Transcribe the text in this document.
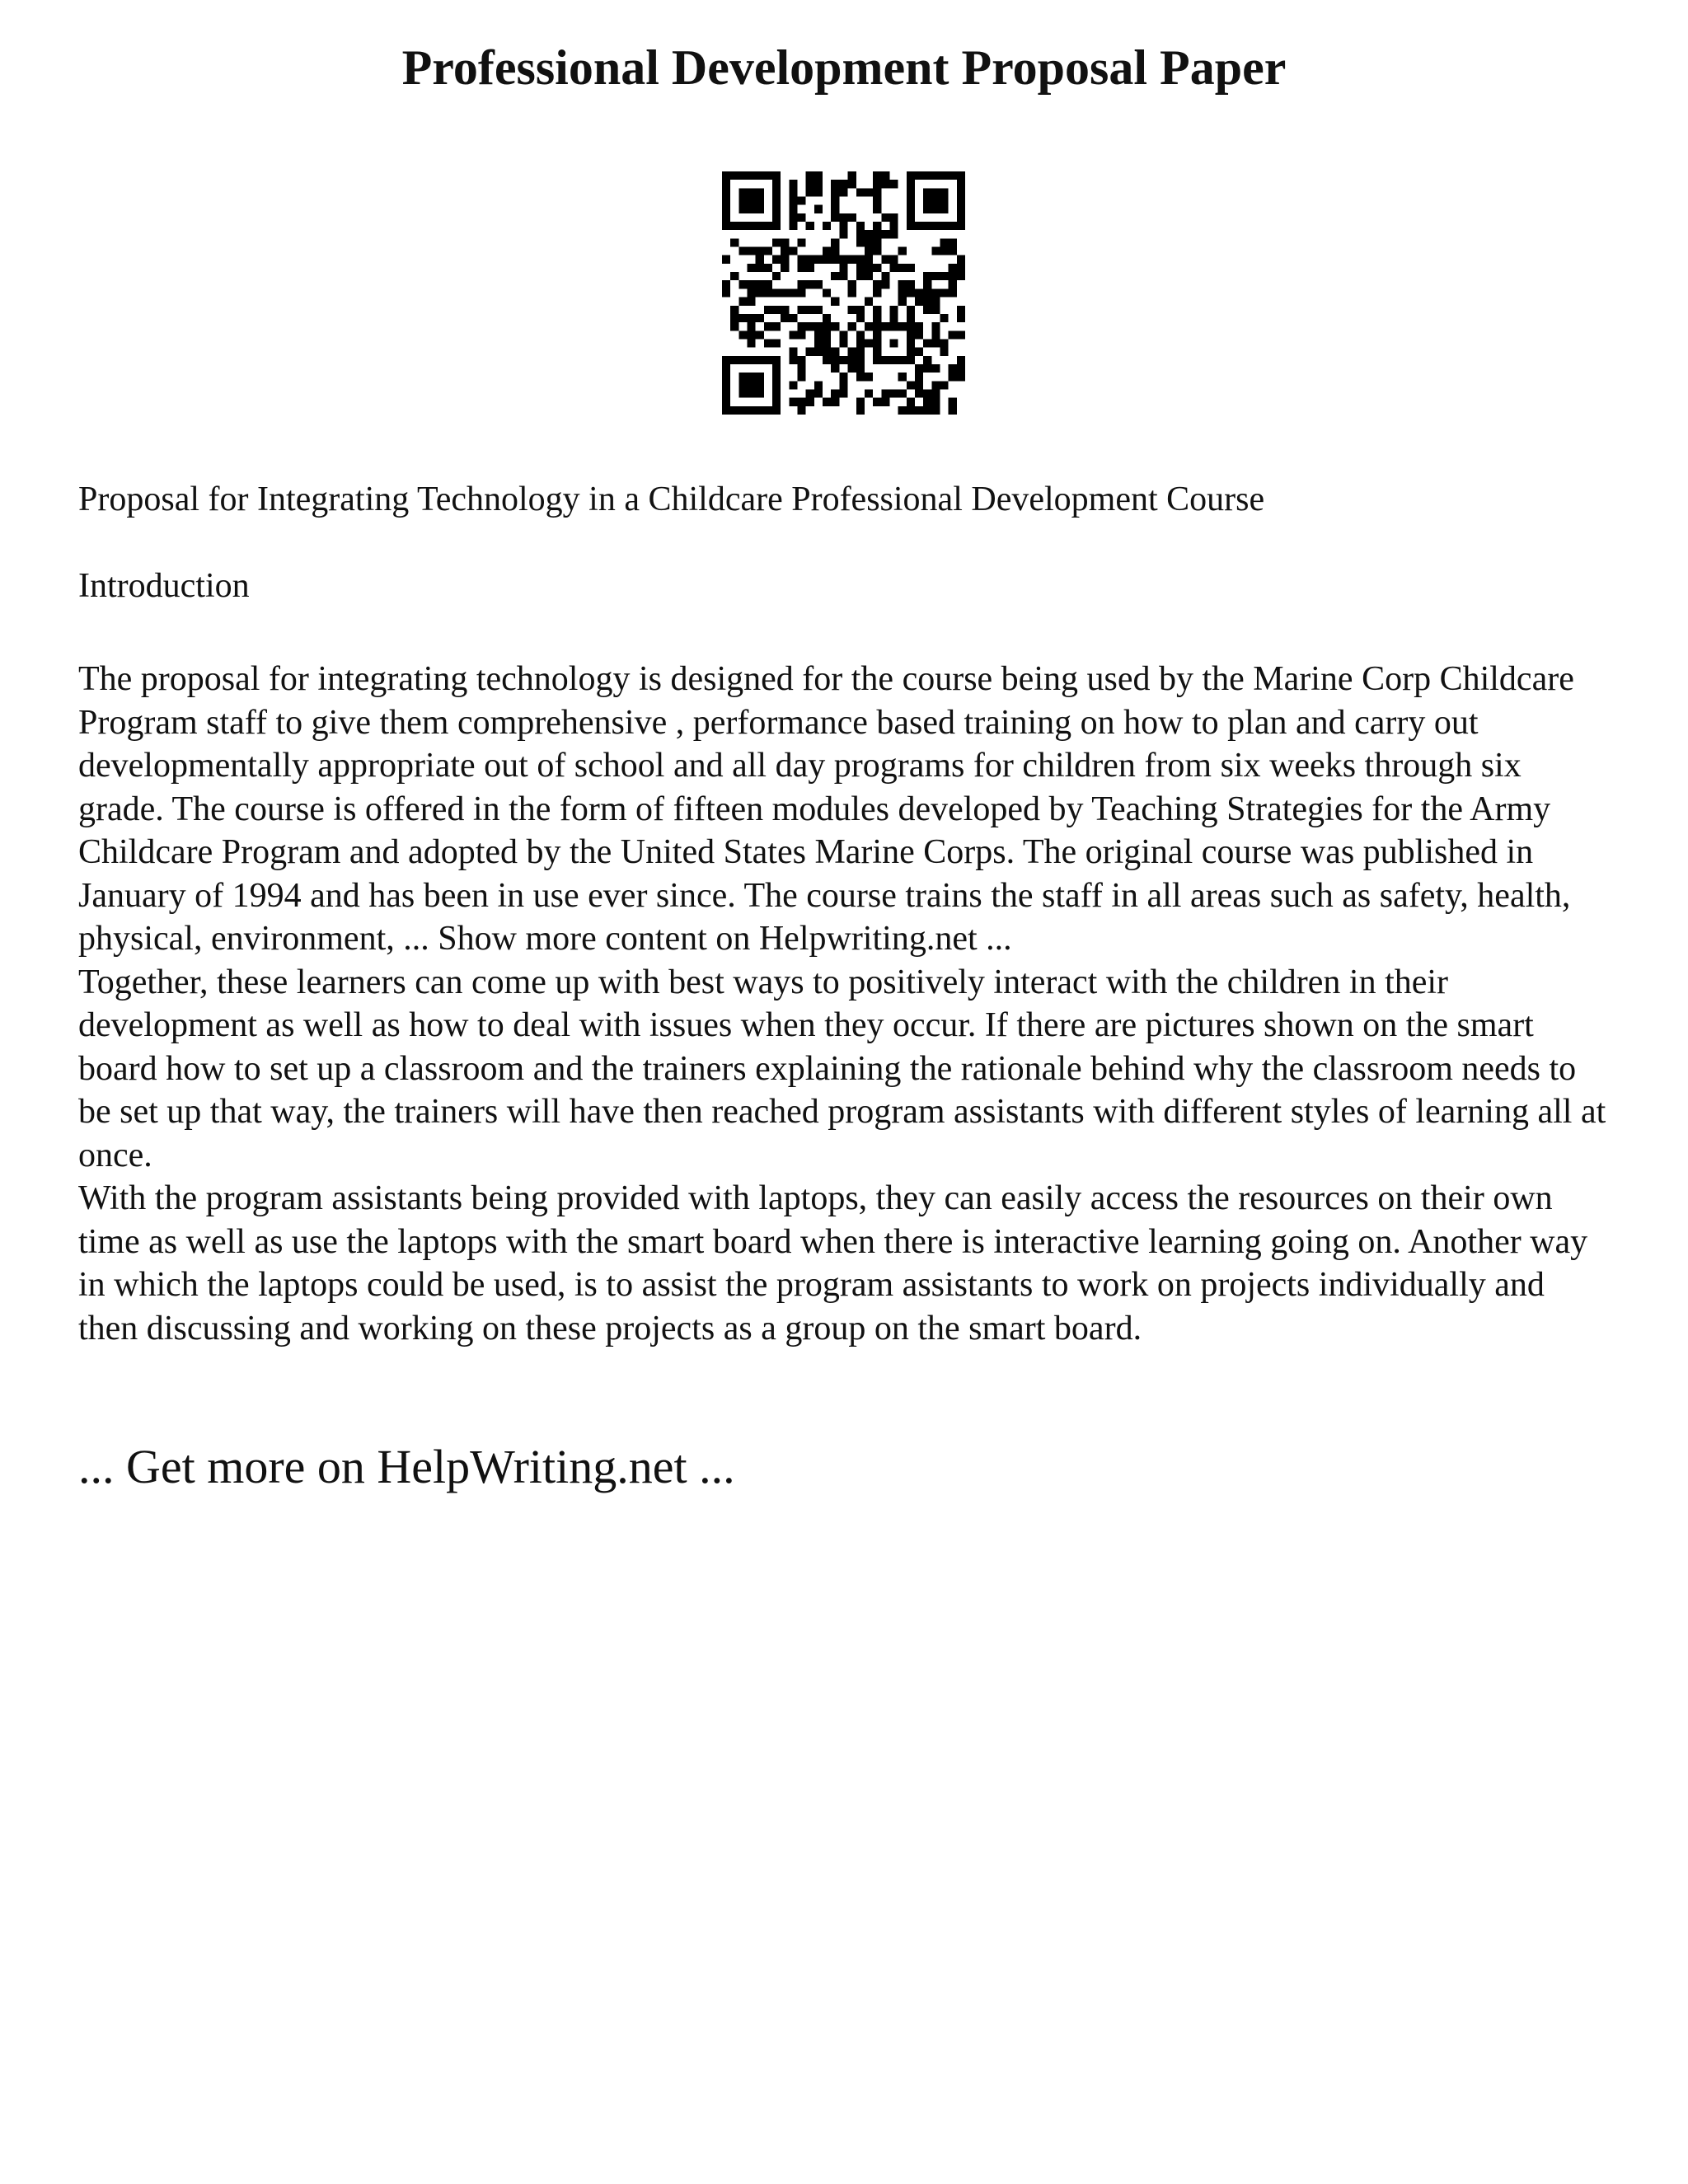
Professional Development Proposal Paper

Proposal for Integrating Technology in a Childcare Professional Development Course

Introduction

The proposal for integrating technology is designed for the course being used by the Marine Corp Childcare Program staff to give them comprehensive , performance based training on how to plan and carry out developmentally appropriate out of school and all day programs for children from six weeks through six grade. The course is offered in the form of fifteen modules developed by Teaching Strategies for the Army Childcare Program and adopted by the United States Marine Corps. The original course was published in January of 1994 and has been in use ever since. The course trains the staff in all areas such as safety, health, physical, environment, ... Show more content on Helpwriting.net ...

Together, these learners can come up with best ways to positively interact with the children in their development as well as how to deal with issues when they occur. If there are pictures shown on the smart board how to set up a classroom and the trainers explaining the rationale behind why the classroom needs to be set up that way, the trainers will have then reached program assistants with different styles of learning all at once.

With the program assistants being provided with laptops, they can easily access the resources on their own time as well as use the laptops with the smart board when there is interactive learning going on. Another way in which the laptops could be used, is to assist the program assistants to work on projects individually and then discussing and working on these projects as a group on the smart board.

... Get more on HelpWriting.net ...
